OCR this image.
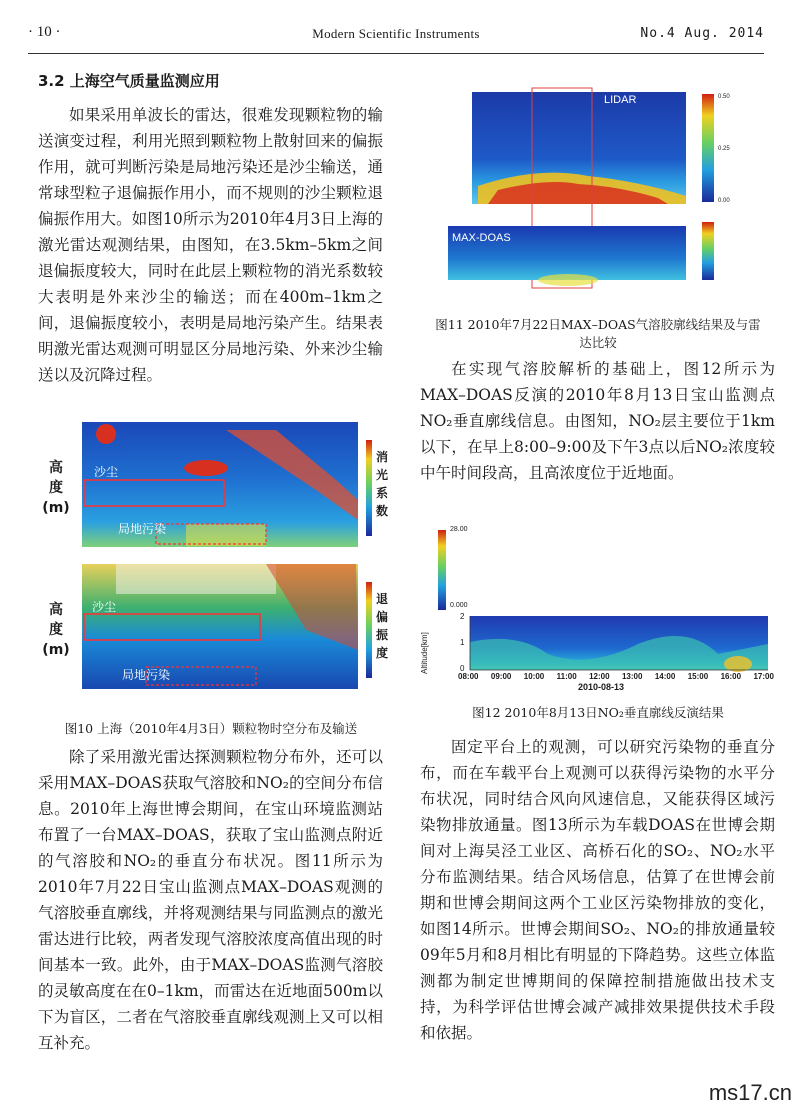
· 10 ·	Modern Scientific Instruments	No.4 Aug. 2014
3.2 上海空气质量监测应用

如果采用单波长的雷达，很难发现颗粒物的输送演变过程，利用光照到颗粒物上散射回来的偏振作用，就可判断污染是局地污染还是沙尘输送，通常球型粒子退偏振作用小，而不规则的沙尘颗粒退偏振作用大。如图10所示为2010年4月3日上海的激光雷达观测结果，由图知，在3.5km–5km之间退偏振度较大，同时在此层上颗粒物的消光系数较大表明是外来沙尘的输送；而在400m–1km之间，退偏振度较小，表明是局地污染产生。结果表明激光雷达观测可明显区分局地污染、外来沙尘输送以及沉降过程。

高
度
(m)
高
度
(m)
沙尘
局地污染
沙尘
局地污染
消
光
系
数
退
偏
振
度
图10 上海（2010年4月3日）颗粒物时空分布及输送

除了采用激光雷达探测颗粒物分布外，还可以采用MAX–DOAS获取气溶胶和NO₂的空间分布信息。2010年上海世博会期间，在宝山环境监测站布置了一台MAX–DOAS，获取了宝山监测点附近的气溶胶和NO₂的垂直分布状况。图11所示为2010年7月22日宝山监测点MAX–DOAS观测的气溶胶垂直廓线，并将观测结果与同监测点的激光雷达进行比较，两者发现气溶胶浓度高值出现的时间基本一致。此外，由于MAX–DOAS监测气溶胶的灵敏高度在在0–1km，而雷达在近地面500m以下为盲区，二者在气溶胶垂直廓线观测上又可以相互补充。

LIDAR
MAX-DOAS
0.50
0.25
0.00
图11 2010年7月22日MAX–DOAS气溶胶廓线结果及与雷
达比较

在实现气溶胶解析的基础上，图12所示为MAX–DOAS反演的2010年8月13日宝山监测点NO₂垂直廓线信息。由图知，NO₂层主要位于1km以下，在早上8:00–9:00及下午3点以后NO₂浓度较中午时间段高，且高浓度位于近地面。

28.00
0.000
Altitude[km]
2
1
0
08:00 09:00 10:00 11:00 12:00 13:00 14:00 15:00 16:00 17:00
2010-08-13
图12 2010年8月13日NO₂垂直廓线反演结果

固定平台上的观测，可以研究污染物的垂直分布，而在车载平台上观测可以获得污染物的水平分布状况，同时结合风向风速信息，又能获得区域污染物排放通量。图13所示为车载DOAS在世博会期间对上海吴泾工业区、高桥石化的SO₂、NO₂水平分布监测结果。结合风场信息，估算了在世博会前期和世博会期间这两个工业区污染物排放的变化，如图14所示。世博会期间SO₂、NO₂的排放通量较09年5月和8月相比有明显的下降趋势。这些立体监测都为制定世博期间的保障控制措施做出技术支持，为科学评估世博会减产减排效果提供技术手段和依据。

ms17.cn
